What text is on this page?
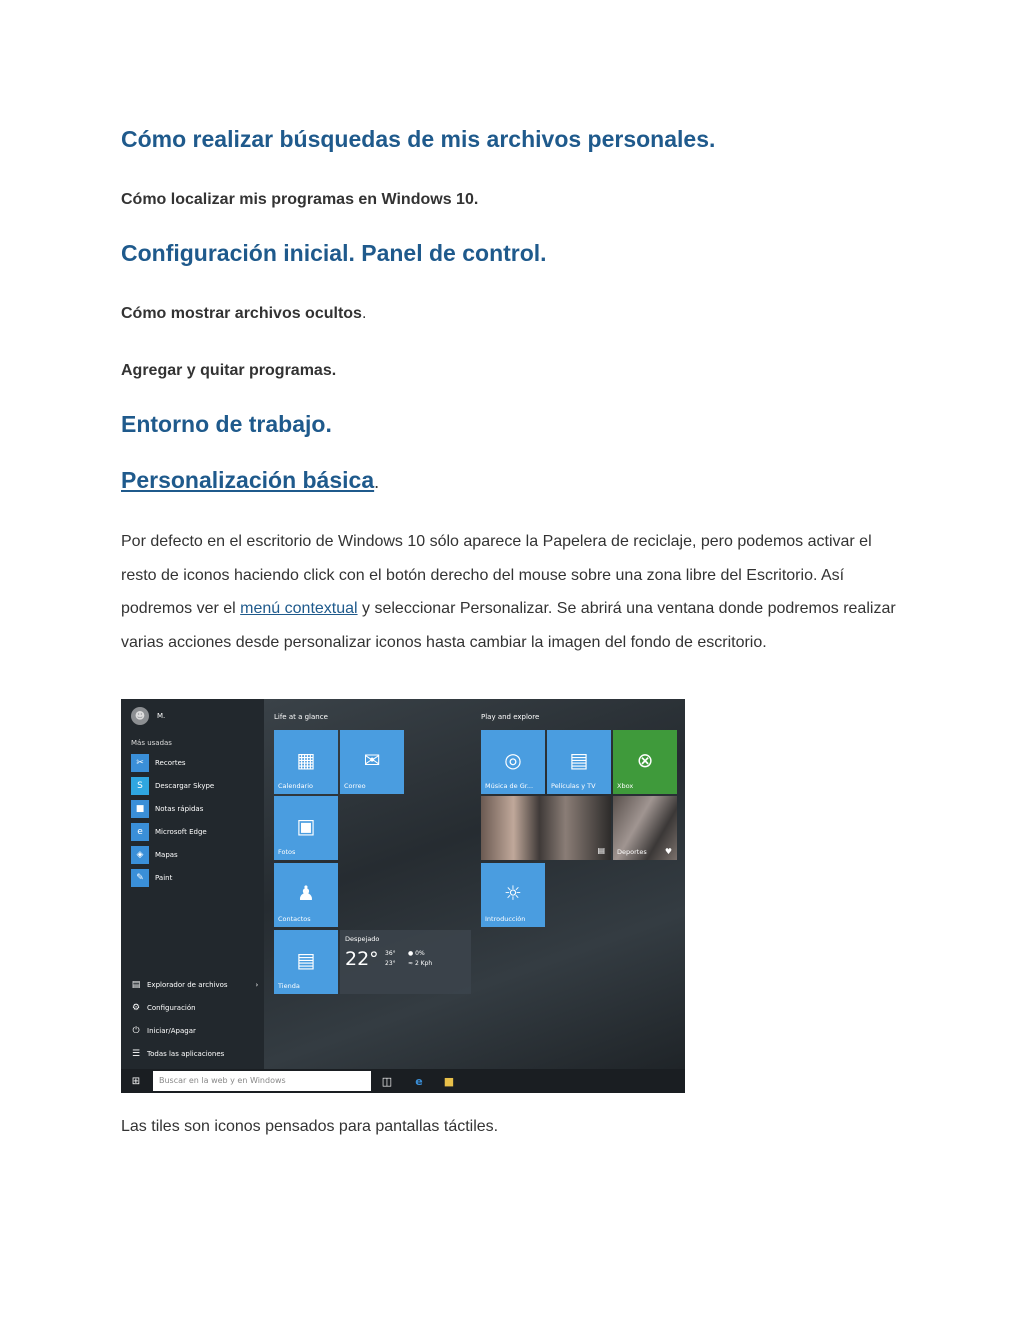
Cómo realizar búsquedas de mis archivos personales.
Cómo localizar mis programas en Windows 10.
Configuración inicial. Panel de control.
Cómo mostrar archivos ocultos.
Agregar y quitar programas.
Entorno de trabajo.
Personalización básica.

Por defecto en el escritorio de Windows 10 sólo aparece la Papelera de reciclaje, pero podemos activar el resto de iconos haciendo click con el botón derecho del mouse sobre una zona libre del Escritorio. Así podremos ver el menú contextual y seleccionar Personalizar. Se abrirá una ventana donde podremos realizar varias acciones desde personalizar iconos hasta cambiar la imagen del fondo de escritorio.

☻	M.
Más usadas
✂	Recortes
S	Descargar Skype
■	Notas rápidas
e	Microsoft Edge
◈	Mapas
✎	Paint
▤ Explorador de archivos	›
⚙ Configuración
⏻ Iniciar/Apagar
☰ Todas las aplicaciones
Life at a glance	Play and explore
▦
Calendario
✉
Correo
▣
Fotos
♟
Contactos
▤
Tienda
Despejado
22° 36°
23°
● 0%
≈ 2 Kph
◎
Música de Gr...
▤
Películas y TV
⊗
Xbox
▤ Deportes ♥
☼
Introducción
⊞	Buscar en la web y en Windows	◫	e	■

Las tiles son iconos pensados para pantallas táctiles.
